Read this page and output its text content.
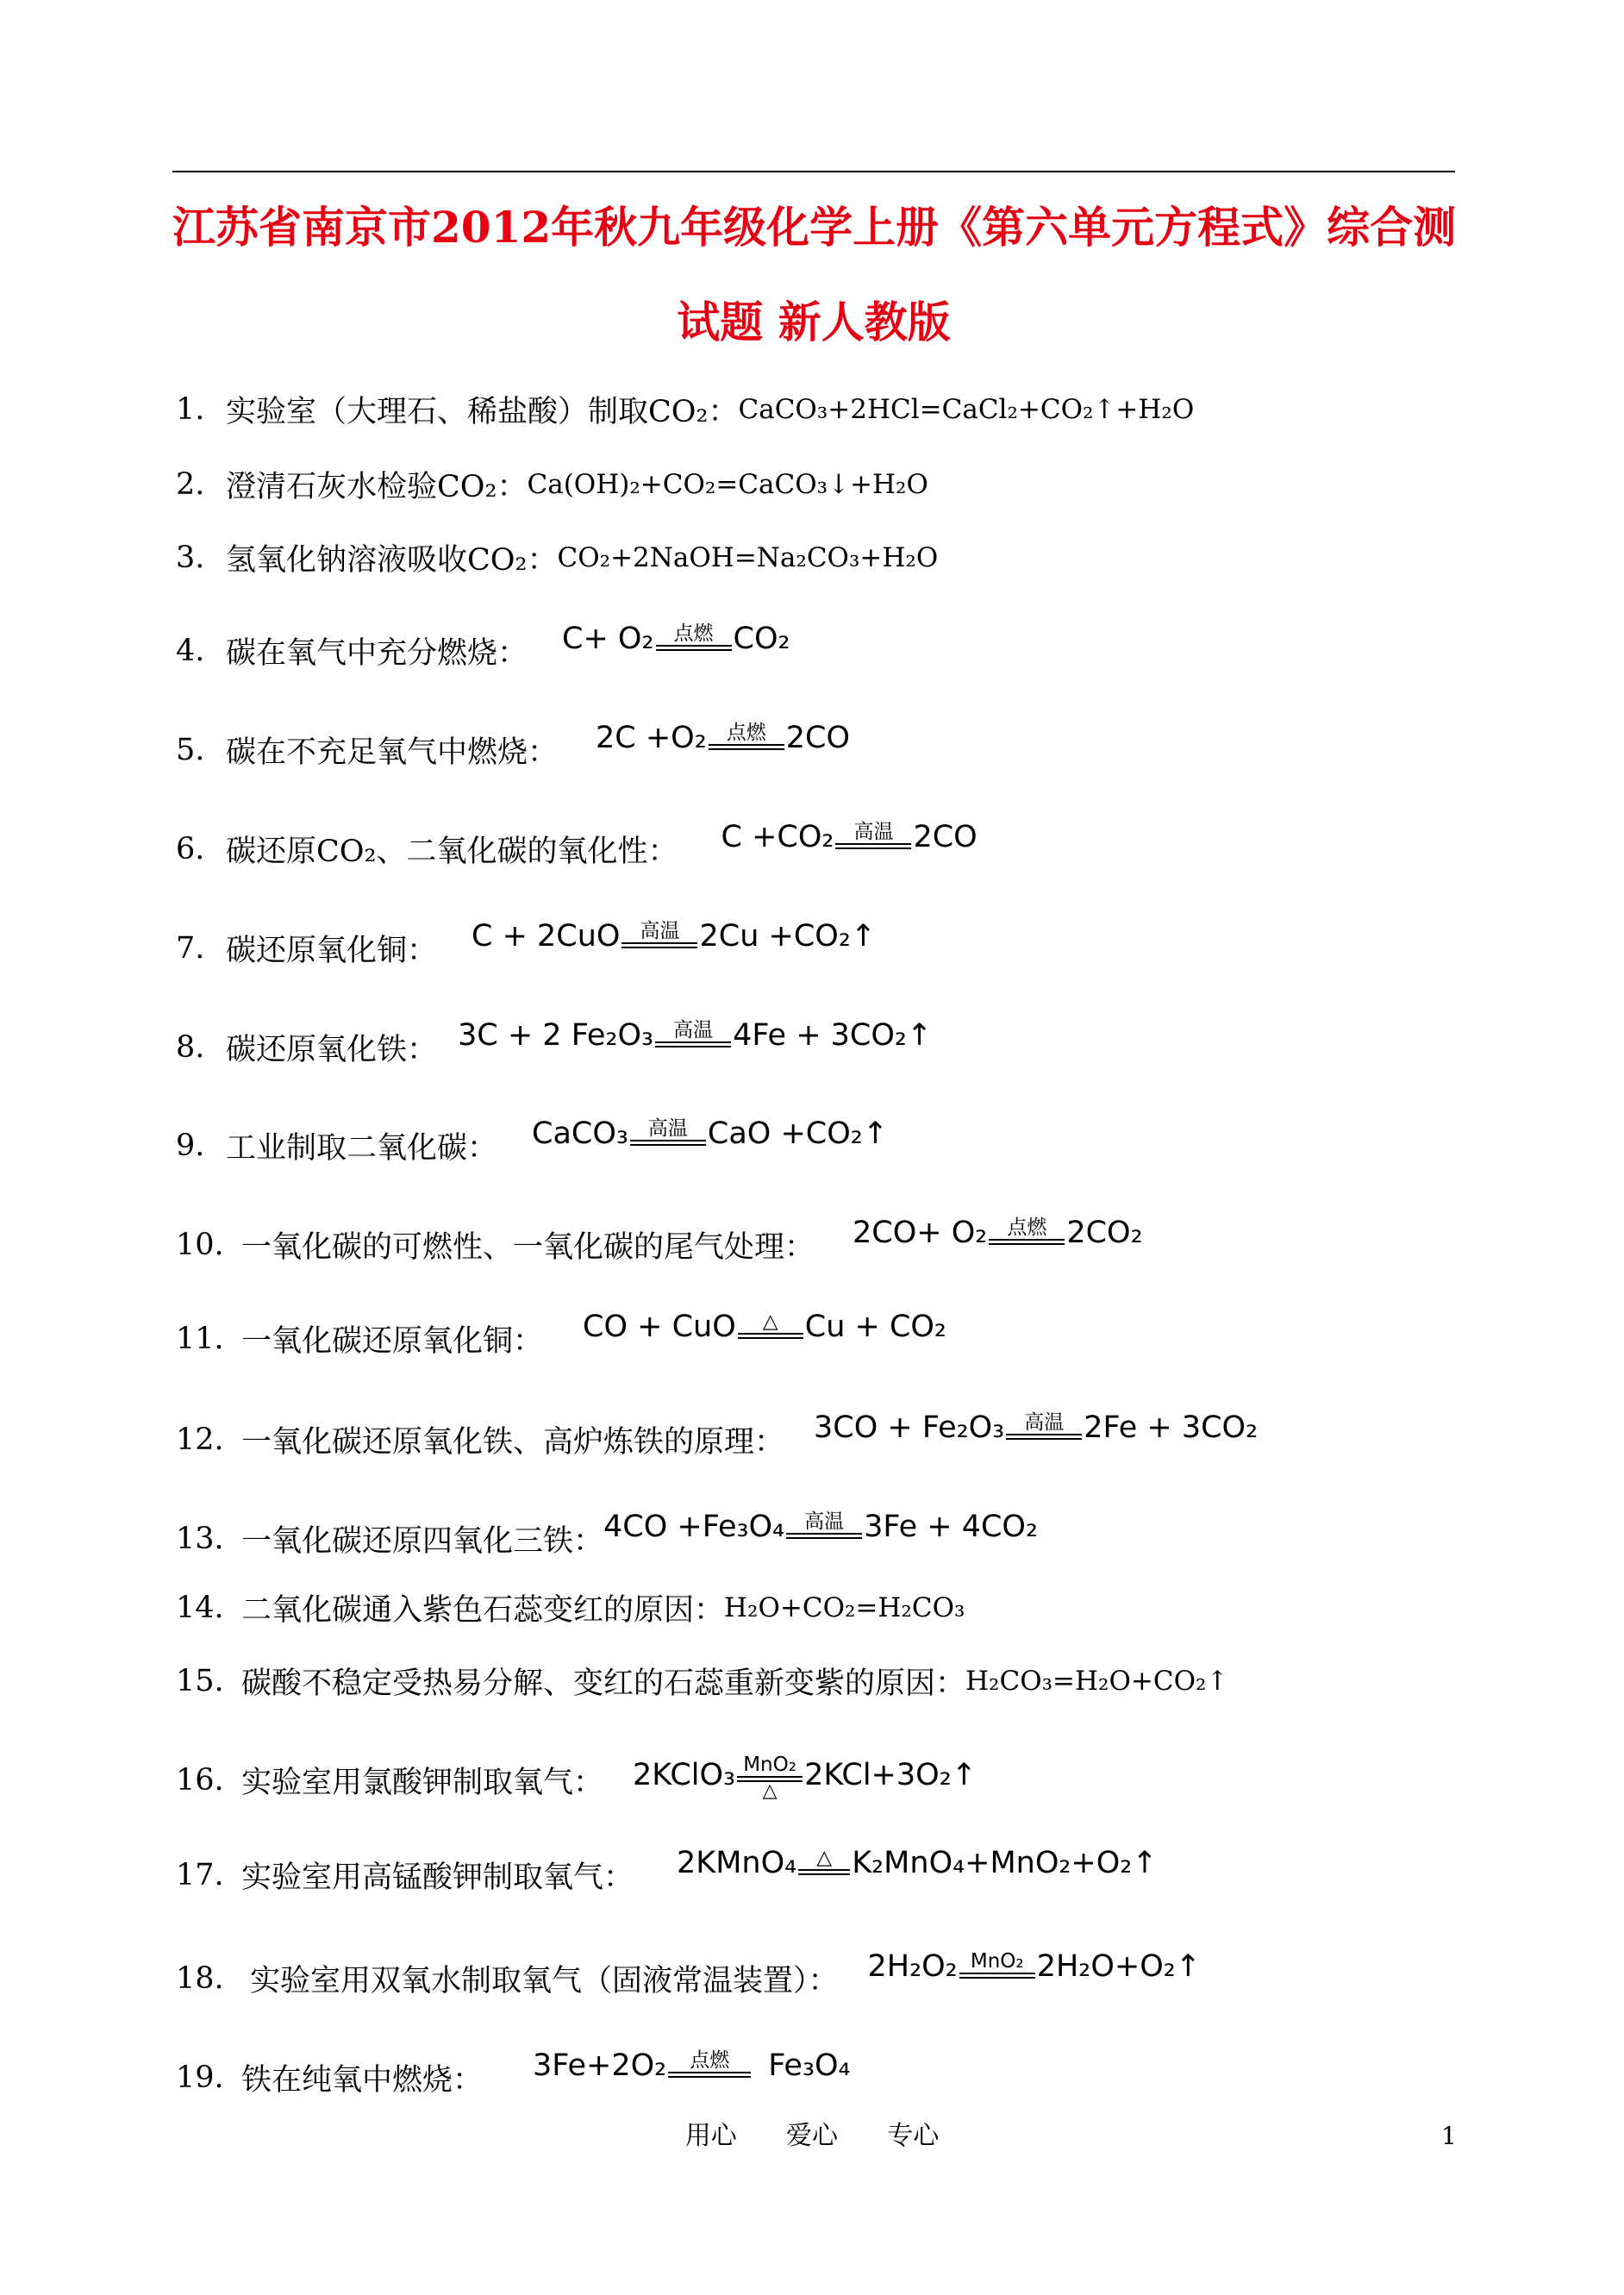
江苏省南京市2012年秋九年级化学上册《第六单元方程式》综合测
试题 新人教版
1. 实验室（大理石、稀盐酸）制取CO₂： CaCO₃+2HCl=CaCl₂+CO₂↑+H₂O
2. 澄清石灰水检验CO₂： Ca(OH)₂+CO₂=CaCO₃↓+H₂O
3. 氢氧化钠溶液吸收CO₂： CO₂+2NaOH=Na₂CO₃+H₂O
4. 碳在氧气中充分燃烧： C+ O₂ 点燃 CO₂
5. 碳在不充足氧气中燃烧： 2C +O₂ 点燃 2CO
6. 碳还原CO₂、二氧化碳的氧化性： C +CO₂ 高温 2CO
7. 碳还原氧化铜： C + 2CuO 高温 2Cu +CO₂↑
8. 碳还原氧化铁： 3C + 2 Fe₂O₃ 高温 4Fe + 3CO₂↑
9. 工业制取二氧化碳： CaCO₃ 高温 CaO +CO₂↑
10. 一氧化碳的可燃性、一氧化碳的尾气处理： 2CO+ O₂ 点燃 2CO₂
11. 一氧化碳还原氧化铜： CO + CuO △ Cu + CO₂
12. 一氧化碳还原氧化铁、高炉炼铁的原理： 3CO + Fe₂O₃ 高温 2Fe + 3CO₂
13. 一氧化碳还原四氧化三铁： 4CO +Fe₃O₄ 高温 3Fe + 4CO₂
14. 二氧化碳通入紫色石蕊变红的原因： H₂O+CO₂=H₂CO₃
15. 碳酸不稳定受热易分解、变红的石蕊重新变紫的原因： H₂CO₃=H₂O+CO₂↑
16. 实验室用氯酸钾制取氧气： 2KClO₃ MnO₂
△ 2KCl+3O₂↑
17. 实验室用高锰酸钾制取氧气： 2KMnO₄ △ K₂MnO₄+MnO₂+O₂↑
18. 实验室用双氧水制取氧气（固液常温装置）： 2H₂O₂ MnO₂ 2H₂O+O₂↑
19. 铁在纯氧中燃烧： 3Fe+2O₂ 点燃 Fe₃O₄
用心      爱心      专心	1
